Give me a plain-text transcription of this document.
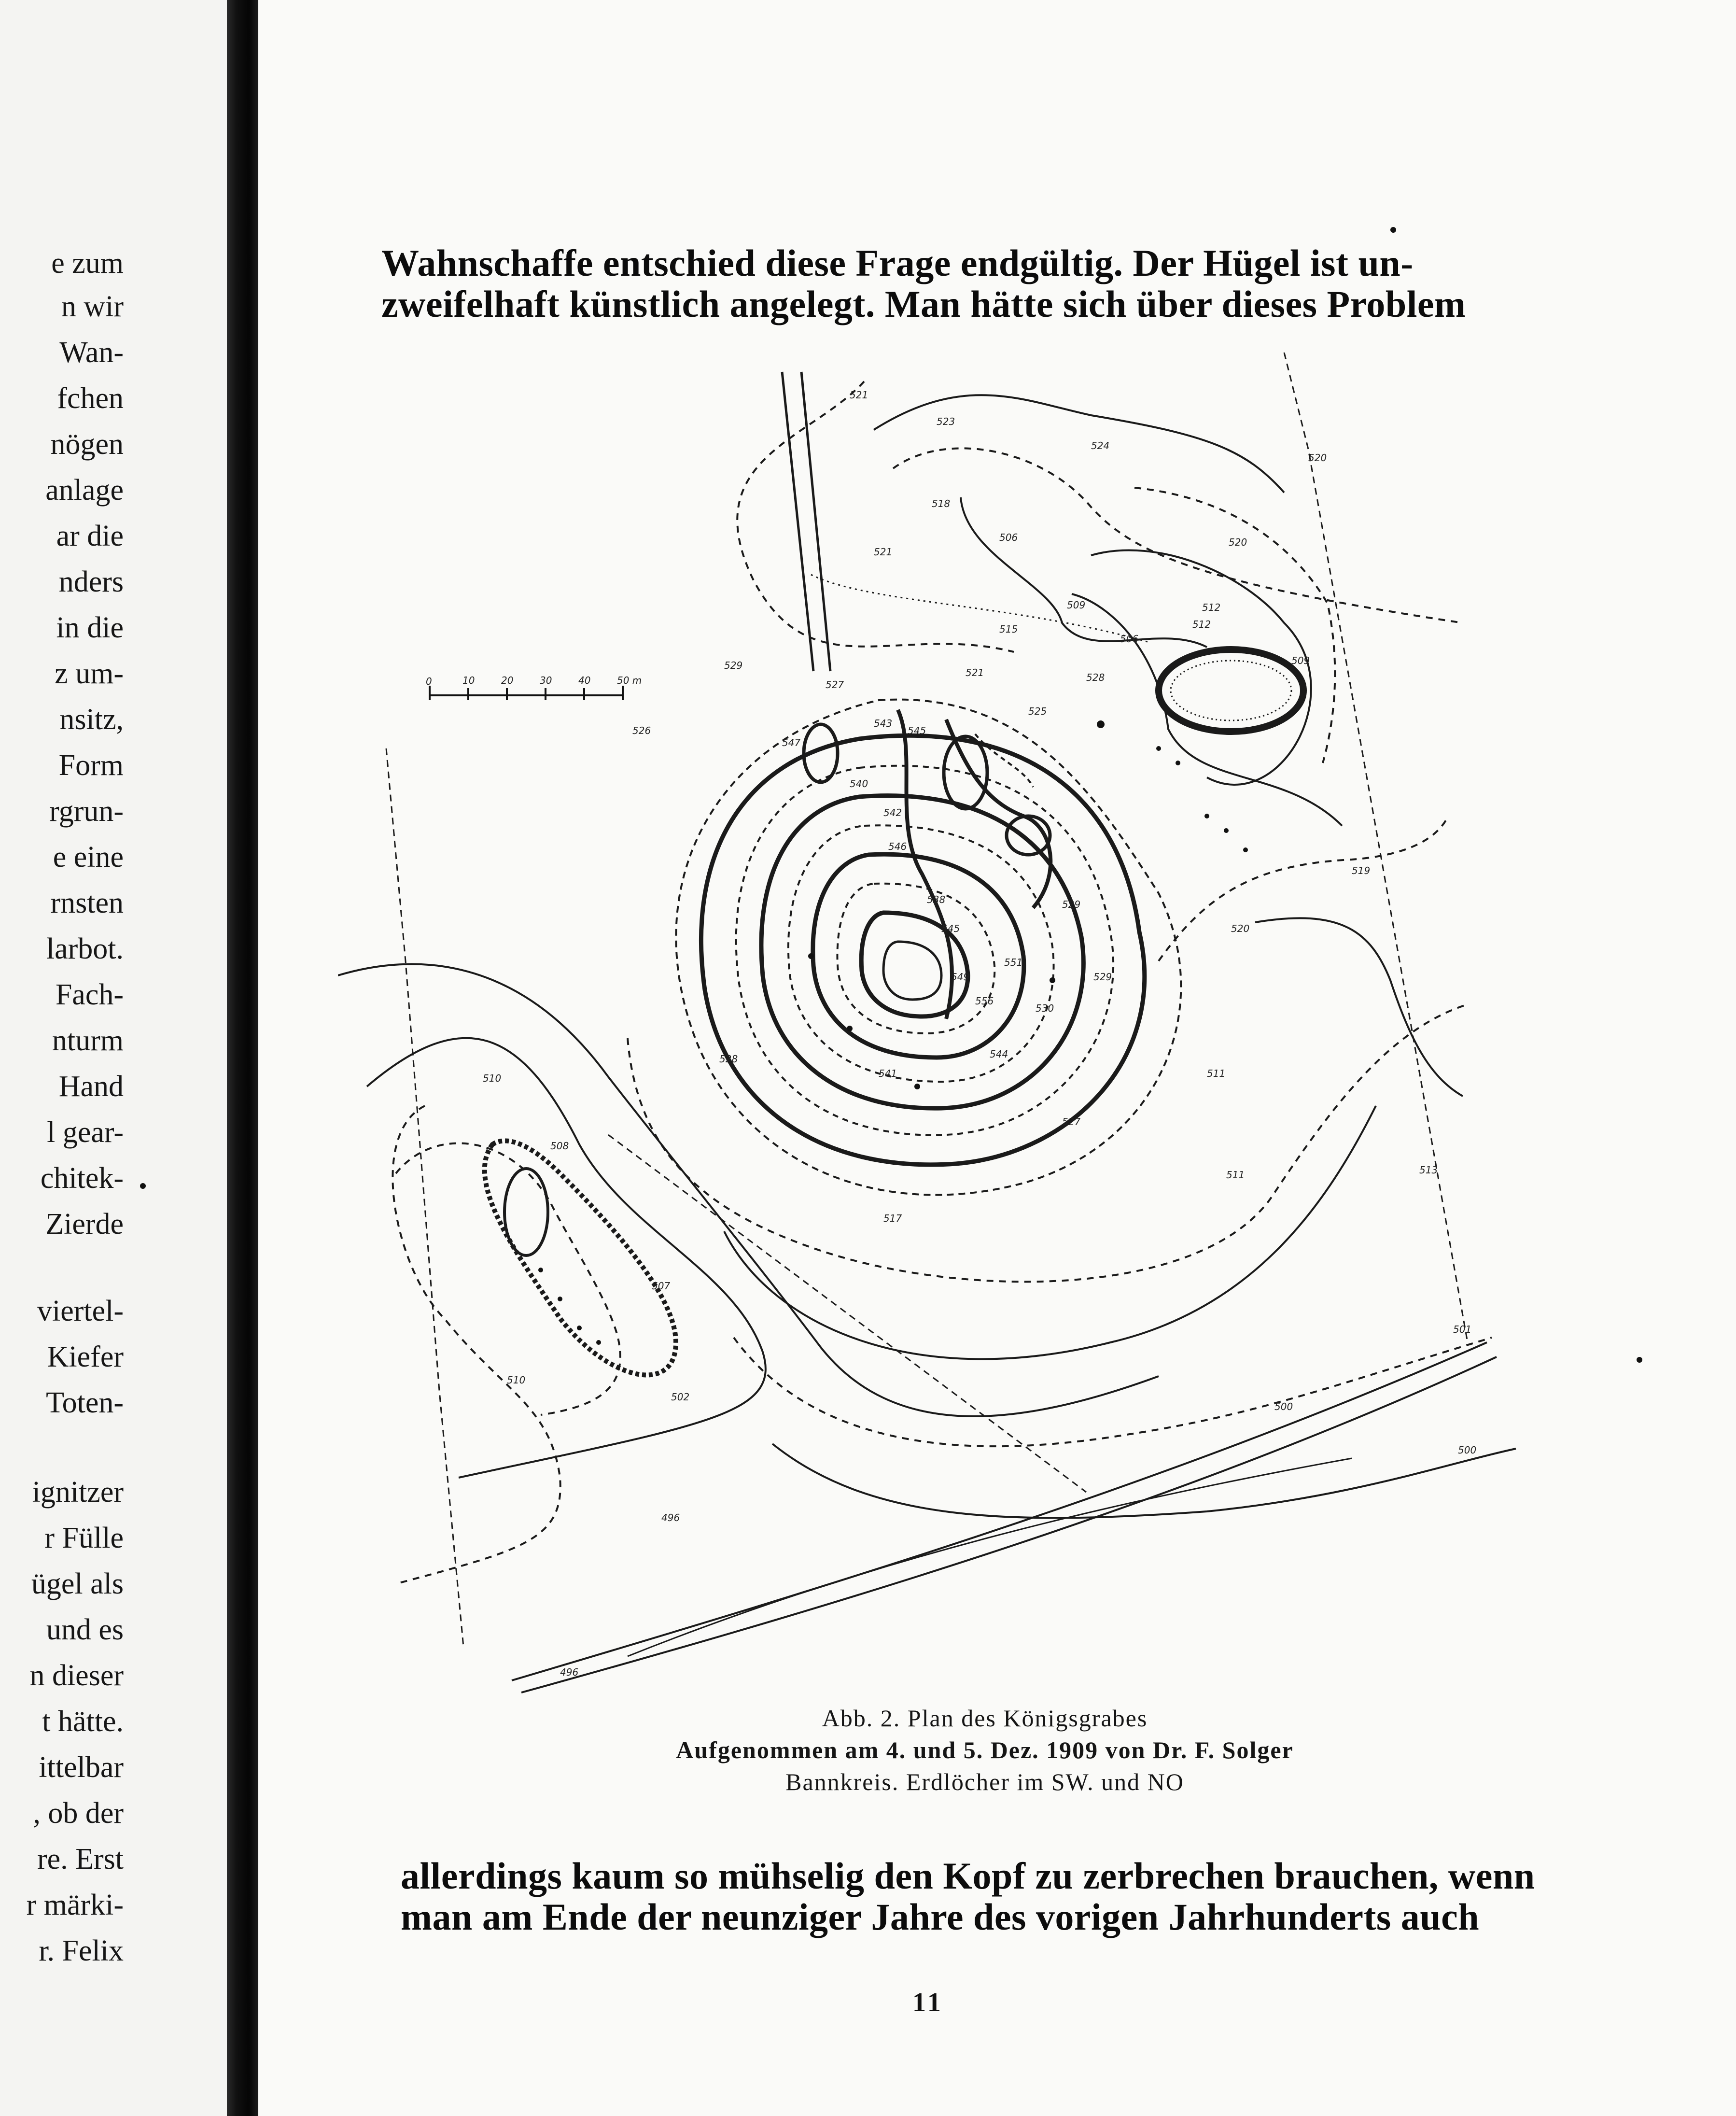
e zum
n wir
Wan-
fchen
nögen
anlage
ar die
nders
in die
z um-
nsitz,
Form
rgrun-
e eine
rnsten
larbot.
Fach-
nturm
Hand
l gear-
chitek-
Zierde
viertel-
Kiefer
Toten-
ignitzer
r Fülle
ügel als
und es
n dieser
t hätte.
ittelbar
, ob der
re. Erst
r märki-
r. Felix
Wahnschaffe entschied diese Frage endgültig. Der Hügel ist un-
zweifelhaft künstlich angelegt. Man hätte sich über dieses Problem
0	10	20	30	40	50 m
521
523
524
520
518
506	520
521
509	512
515	512
506
509
529
528
521
525
526
527
543
547
545
540
542
546
538
545
549
551
556
544
541
528
529
527
530
529
520
519
511
511	513
517
510
508
510
507
502
496
500
501
500
496
Abb. 2. Plan des Königsgrabes
Aufgenommen am 4. und 5. Dez. 1909 von Dr. F. Solger
Bannkreis. Erdlöcher im SW. und NO
allerdings kaum so mühselig den Kopf zu zerbrechen brauchen, wenn
man am Ende der neunziger Jahre des vorigen Jahrhunderts auch
11
